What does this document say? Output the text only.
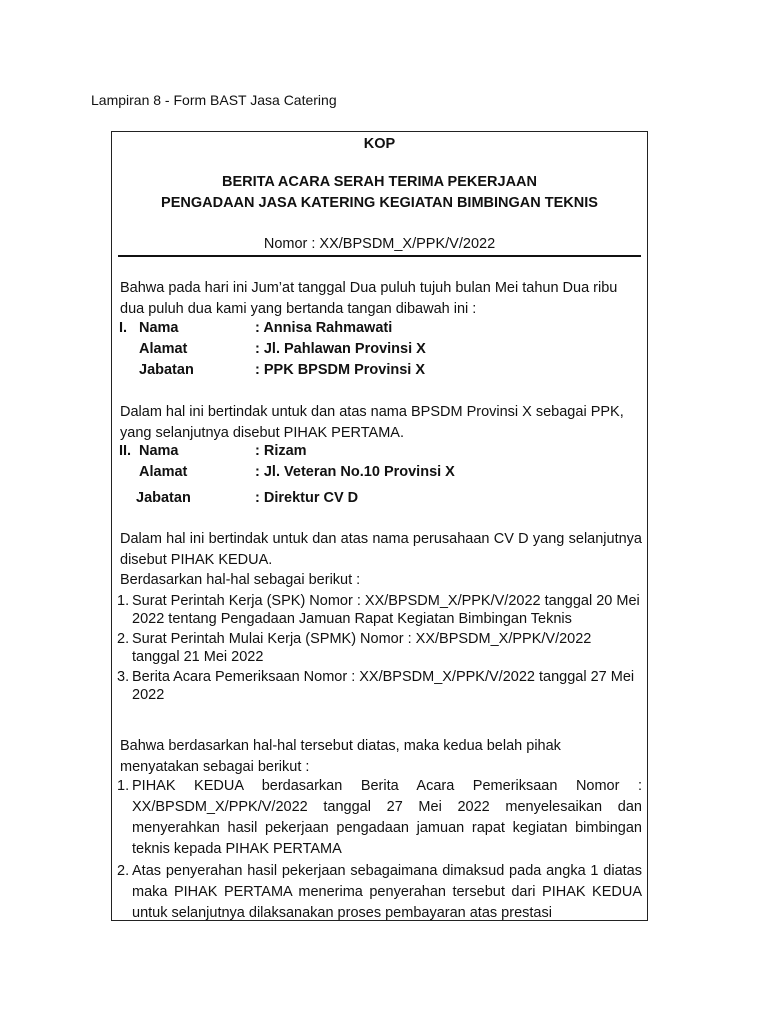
Lampiran 8 - Form BAST Jasa Catering
KOP
BERITA ACARA SERAH TERIMA PEKERJAAN
PENGADAAN JASA KATERING KEGIATAN BIMBINGAN TEKNIS
Nomor : XX/BPSDM_X/PPK/V/2022
Bahwa pada hari ini Jum’at tanggal Dua puluh tujuh bulan Mei tahun Dua ribu dua puluh dua kami yang bertanda tangan dibawah ini :
I. Nama	: Annisa Rahmawati
Alamat	: Jl. Pahlawan Provinsi X
Jabatan	: PPK BPSDM Provinsi X
Dalam hal ini bertindak untuk dan atas nama BPSDM Provinsi X sebagai PPK, yang selanjutnya disebut PIHAK PERTAMA.
II. Nama	: Rizam
Alamat	: Jl. Veteran No.10 Provinsi X
Jabatan	: Direktur CV D
Dalam hal ini bertindak untuk dan atas nama perusahaan CV D yang selanjutnya disebut PIHAK KEDUA.
Berdasarkan hal-hal sebagai berikut :
1. Surat Perintah Kerja (SPK) Nomor : XX/BPSDM_X/PPK/V/2022 tanggal 20 Mei 2022 tentang Pengadaan Jamuan Rapat Kegiatan Bimbingan Teknis
2. Surat Perintah Mulai Kerja (SPMK) Nomor : XX/BPSDM_X/PPK/V/2022 tanggal 21 Mei 2022
3. Berita Acara Pemeriksaan Nomor : XX/BPSDM_X/PPK/V/2022 tanggal 27 Mei 2022
Bahwa berdasarkan hal-hal tersebut diatas, maka kedua belah pihak menyatakan sebagai berikut :
1. PIHAK KEDUA berdasarkan Berita Acara Pemeriksaan Nomor : XX/BPSDM_X/PPK/V/2022 tanggal 27 Mei 2022 menyelesaikan dan menyerahkan hasil pekerjaan pengadaan jamuan rapat kegiatan bimbingan teknis kepada PIHAK PERTAMA
2. Atas penyerahan hasil pekerjaan sebagaimana dimaksud pada angka 1 diatas maka PIHAK PERTAMA menerima penyerahan tersebut dari PIHAK KEDUA untuk selanjutnya dilaksanakan proses pembayaran atas prestasi
